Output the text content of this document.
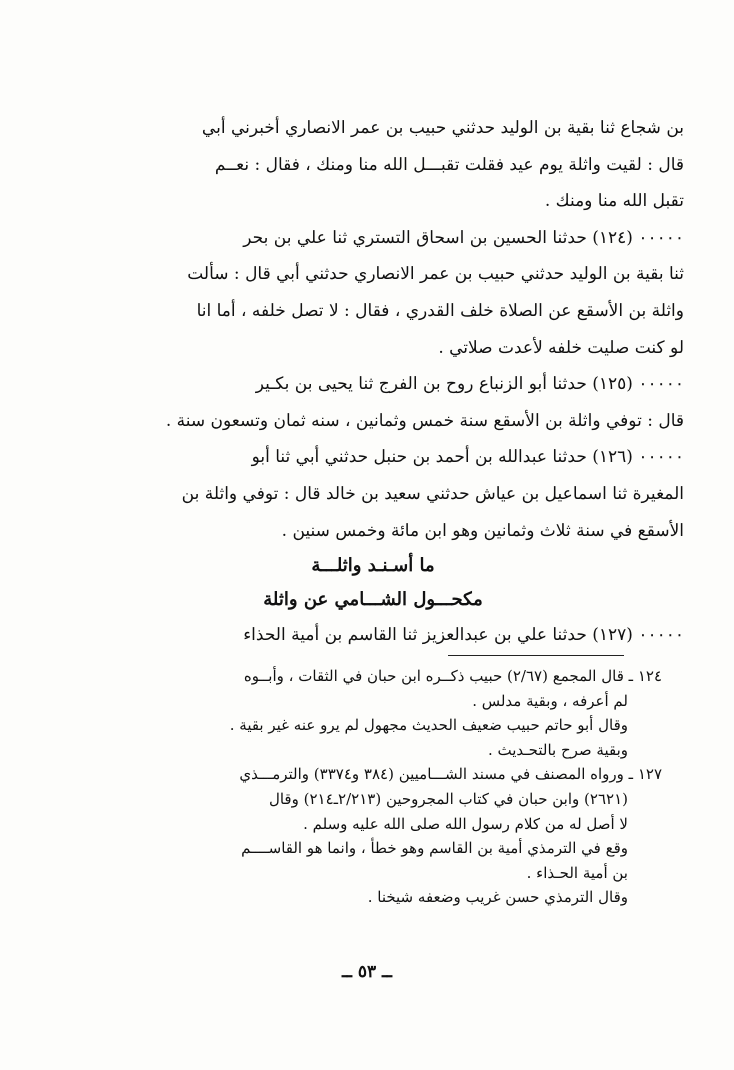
بن شجاع ثنا بقية بن الوليد حدثني حبيب بن عمر الانصاري أخبرني أبي
قال : لقيت واثلة يوم عيد فقلت تقبـــل الله منا ومنك ، فقال : نعــم
تقبل الله منا ومنك .
٠٠٠٠٠ (١٢٤) حدثنا الحسين بن اسحاق التستري ثنا علي بن بحر
ثنا بقية بن الوليد حدثني حبيب بن عمر الانصاري حدثني أبي قال : سألت
واثلة بن الأسقع عن الصلاة خلف القدري ، فقال : لا تصل خلفه ، أما انا
لو كنت صليت خلفه لأعدت صلاتي .
٠٠٠٠٠ (١٢٥) حدثنا أبو الزنباع روح بن الفرج ثنا يحيى بن بكـير
قال : توفي واثلة بن الأسقع سنة خمس وثمانين ، سنه ثمان وتسعون سنة .
٠٠٠٠٠ (١٢٦) حدثنا عبدالله بن أحمد بن حنبل حدثني أبي ثنا أبو
المغيرة ثنا اسماعيل بن عياش حدثني سعيد بن خالد قال : توفي واثلة بن
الأسقع في سنة ثلاث وثمانين وهو ابن مائة وخمس سنين .
ما أسـنـد واثلـــة
مكحـــول الشـــامي عن واثلة
٠٠٠٠٠ (١٢٧) حدثنا علي بن عبدالعزيز ثنا القاسم بن أمية الحذاء
١٢٤ ـ قال المجمع (٢/٦٧) حبيب ذكــره ابن حبان في الثقات ، وأبــوه
لم أعرفه ، وبقية مدلس .
وقال أبو حاتم حبيب ضعيف الحديث مجهول لم يرو عنه غير بقية .
وبقية صرح بالتحـديث .
١٢٧ ـ ورواه المصنف في مسند الشـــاميين (٣٨٤ و٣٣٧٤) والترمـــذي
(٢٦٢١) وابن حبان في كتاب المجروحين (٢/٢١٣ـ٢١٤) وقال
لا أصل له من كلام رسول الله صلى الله عليه وسلم .
وقع في الترمذي أمية بن القاسم وهو خطأ ، وانما هو القاســــم
بن أمية الحـذاء .
وقال الترمذي حسن غريب وضعفه شيخنا .
ــ ٥٣ ــ
